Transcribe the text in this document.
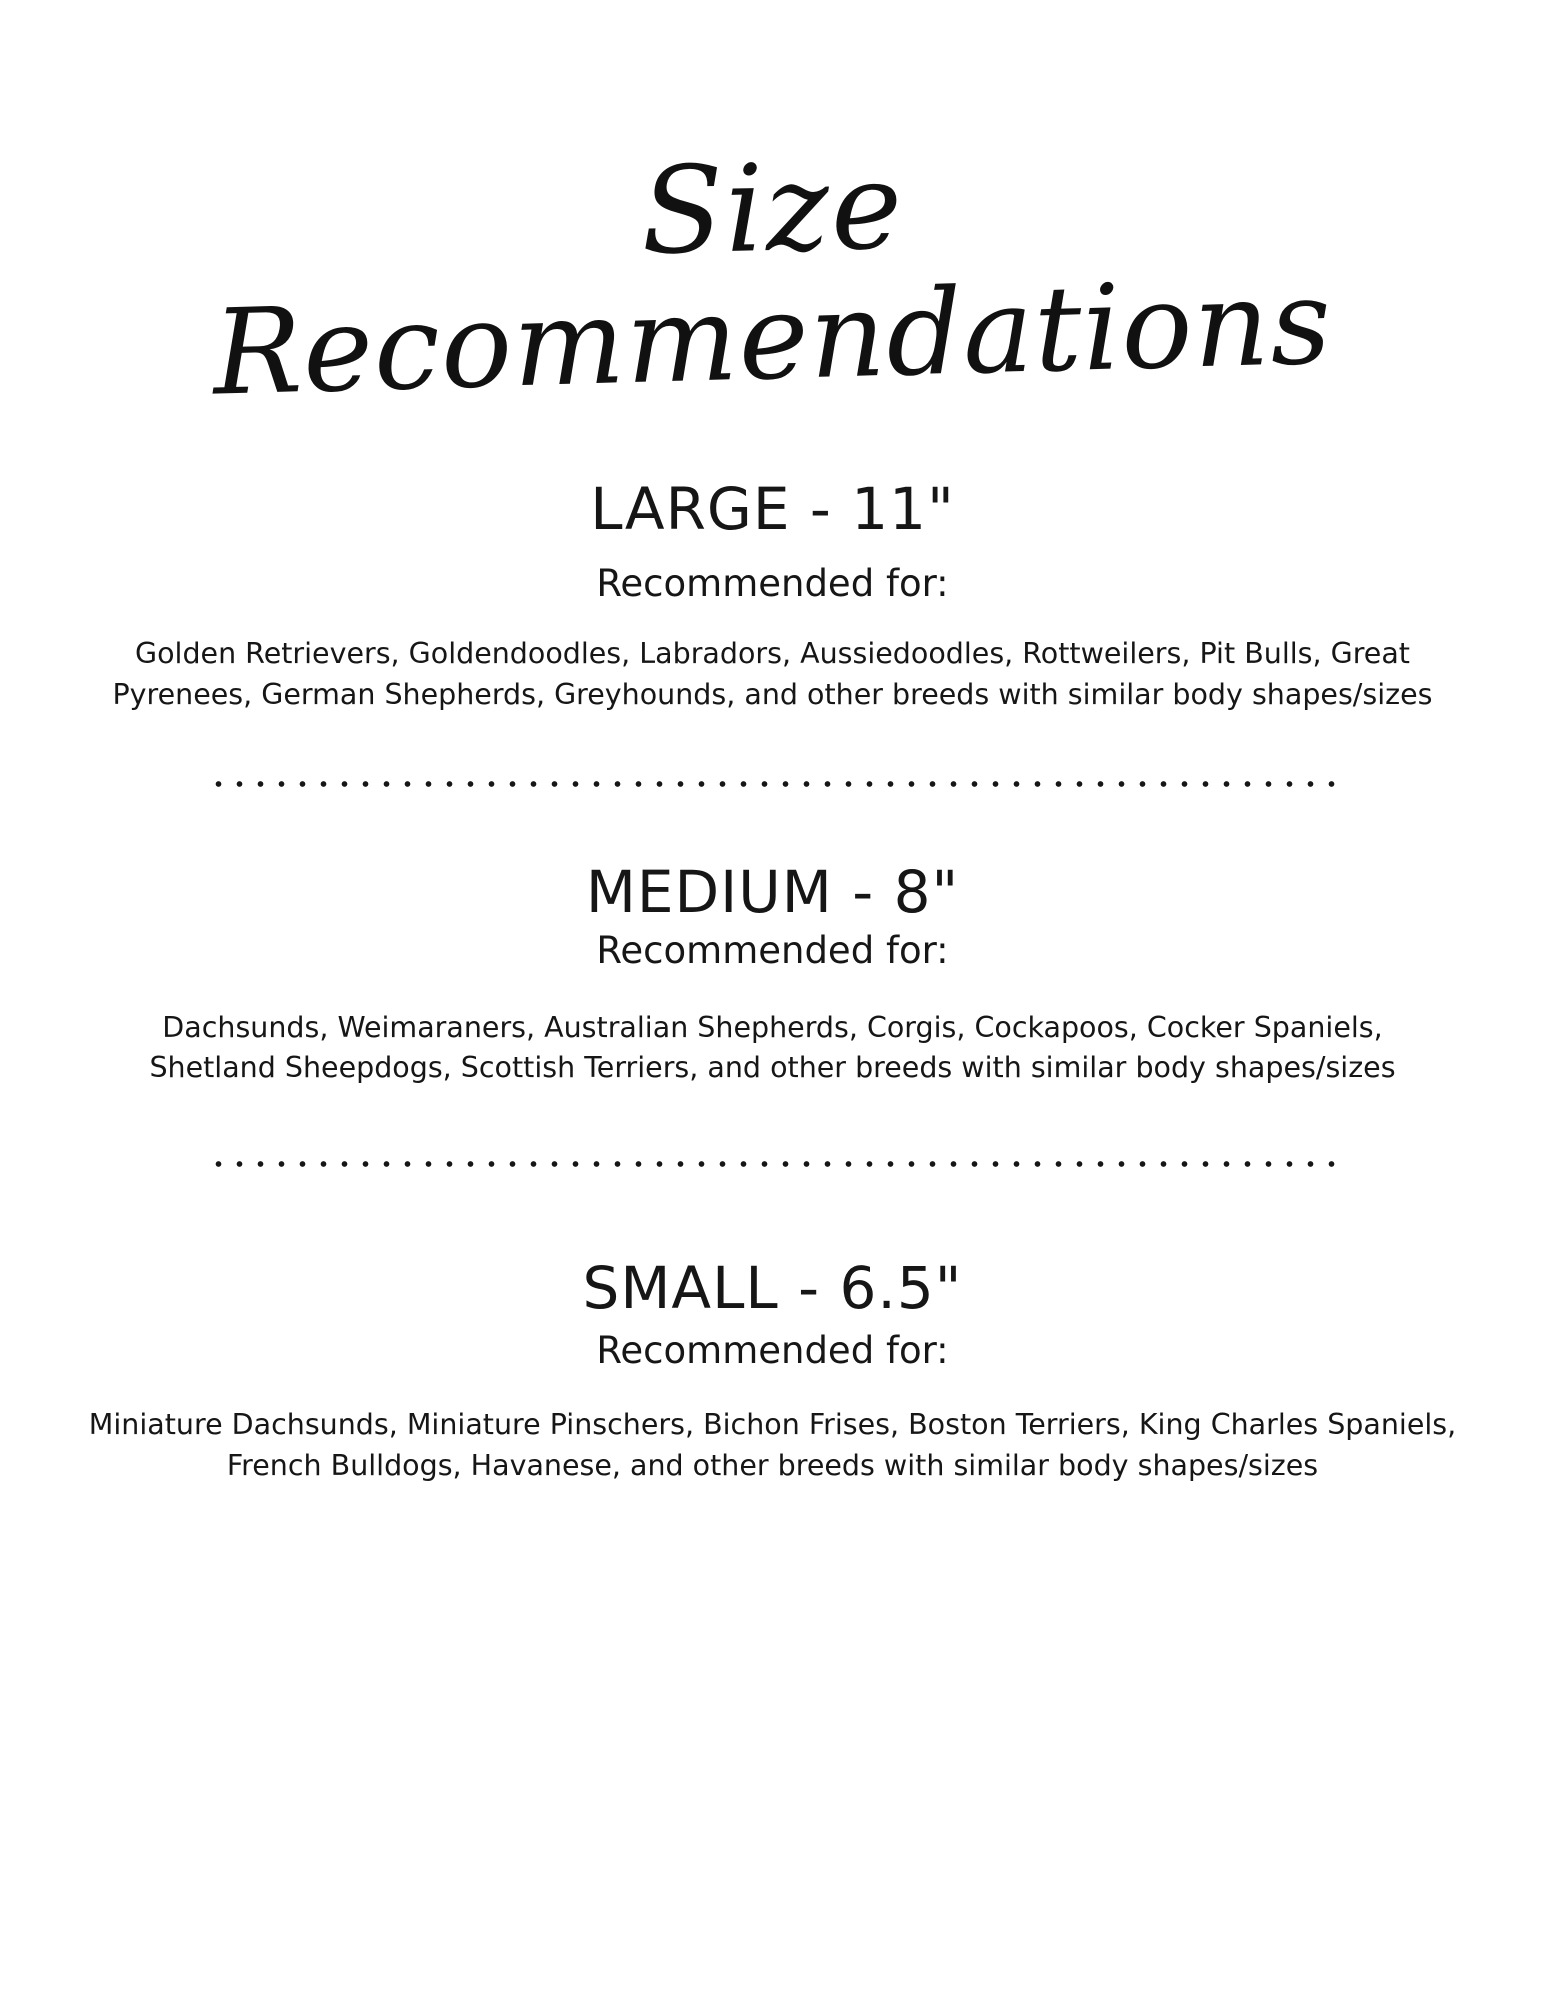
Size
Recommendations
LARGE - 11"
Recommended for:
Golden Retrievers, Goldendoodles, Labradors, Aussiedoodles, Rottweilers, Pit Bulls, Great Pyrenees, German Shepherds, Greyhounds, and other breeds with similar body shapes/sizes
MEDIUM - 8"
Recommended for:
Dachsunds, Weimaraners, Australian Shepherds, Corgis, Cockapoos, Cocker Spaniels, Shetland Sheepdogs, Scottish Terriers, and other breeds with similar body shapes/sizes
SMALL - 6.5"
Recommended for:
Miniature Dachsunds, Miniature Pinschers, Bichon Frises, Boston Terriers, King Charles Spaniels, French Bulldogs, Havanese, and other breeds with similar body shapes/sizes
